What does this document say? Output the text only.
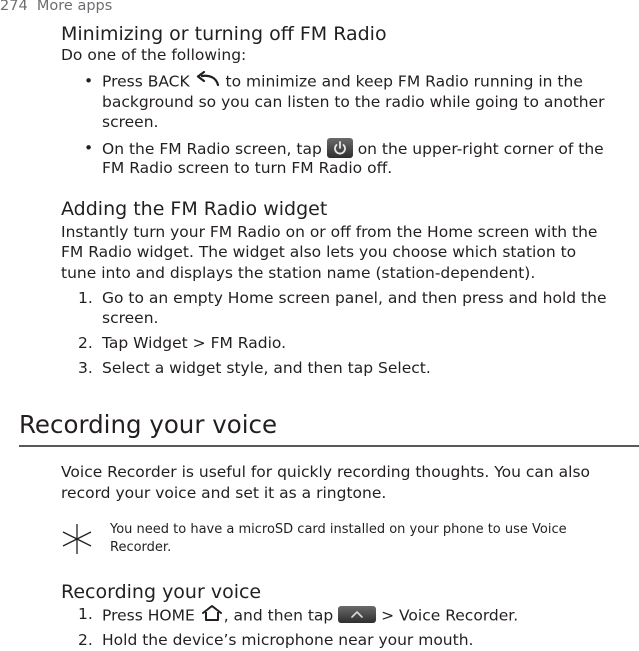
274 More apps
Minimizing or turning off FM Radio
Do one of the following:
• Press BACK to minimize and keep FM Radio running in the
background so you can listen to the radio while going to another
screen.
• On the FM Radio screen, tap on the upper-right corner of the
FM Radio screen to turn FM Radio off.
Adding the FM Radio widget
Instantly turn your FM Radio on or off from the Home screen with the
FM Radio widget. The widget also lets you choose which station to
tune into and displays the station name (station-dependent).
1. Go to an empty Home screen panel, and then press and hold the
screen.
2. Tap Widget > FM Radio.
3. Select a widget style, and then tap Select.
Recording your voice
Voice Recorder is useful for quickly recording thoughts. You can also
record your voice and set it as a ringtone.
You need to have a microSD card installed on your phone to use Voice
Recorder.
Recording your voice
1. Press HOME , and then tap	> Voice Recorder.
2. Hold the device’s microphone near your mouth.
